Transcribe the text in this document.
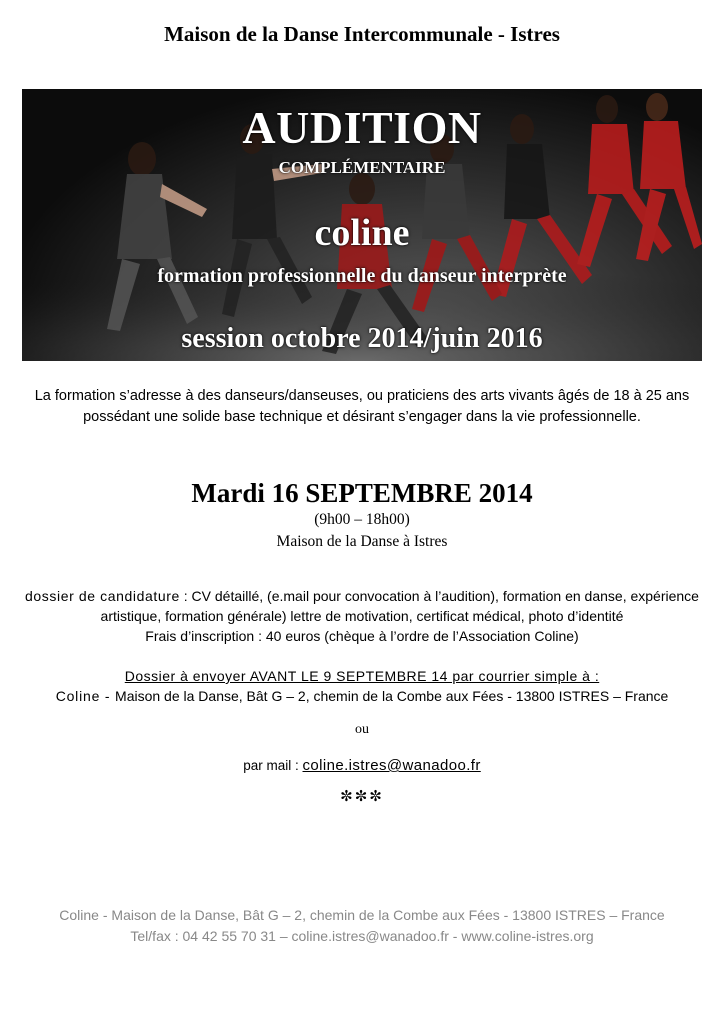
Maison de la Danse Intercommunale - Istres
AUDITION
COMPLÉMENTAIRE
coline
formation professionnelle du danseur interprète
session octobre 2014/juin 2016
La formation s’adresse à des danseurs/danseuses, ou praticiens des arts vivants âgés de 18 à 25 ans possédant une solide base technique et désirant s’engager dans la vie professionnelle.
Mardi 16 SEPTEMBRE 2014
(9h00 – 18h00)
Maison de la Danse à Istres
dossier de candidature : CV détaillé, (e.mail pour convocation à l’audition), formation en danse, expérience artistique, formation générale) lettre de motivation, certificat médical, photo d’identité
Frais d’inscription : 40 euros (chèque à l’ordre de l’Association Coline)
Dossier à envoyer AVANT LE 9 SEPTEMBRE 14 par courrier simple à :
Coline - Maison de la Danse, Bât G – 2, chemin de la Combe aux Fées - 13800 ISTRES – France
ou
par mail : coline.istres@wanadoo.fr
✼✼✼
Coline - Maison de la Danse, Bât G – 2, chemin de la Combe aux Fées - 13800 ISTRES – France
Tel/fax : 04 42 55 70 31 – coline.istres@wanadoo.fr - www.coline-istres.org
